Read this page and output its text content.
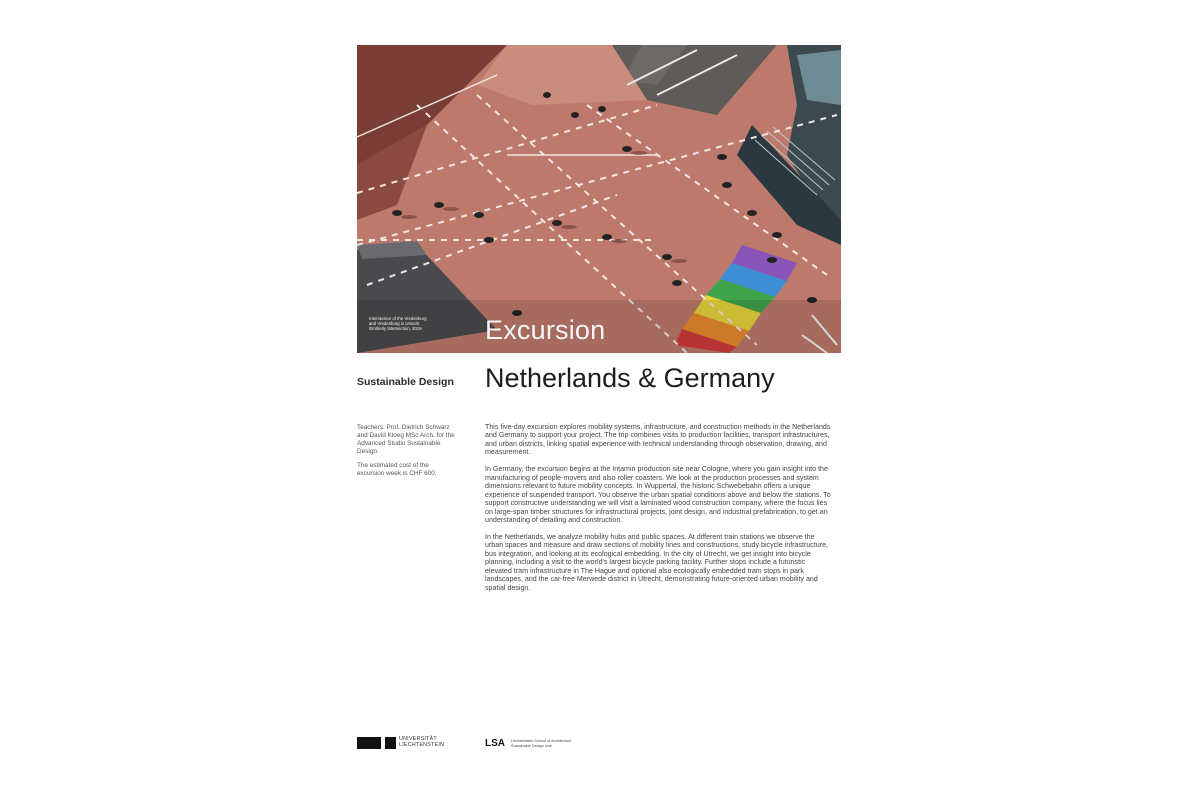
Intersection of the Vredenburg
and Vredenburg in Utrecht
Brotherly Intersection, 2019	Excursion
Sustainable Design Netherlands & Germany

Teachers: Prof. Dietrich Schwarz and David Kloeg MSc Arch. for the Advanced Studio Sustainable Design.

The estimated cost of the excursion week is CHF 600.

This five-day excursion explores mobility systems, infrastructure, and construction methods in the Netherlands and Germany to support your project. The trip combines visits to production facilities, transport infrastructures, and urban districts, linking spatial experience with technical understanding through observation, drawing, and measurement.

In Germany, the excursion begins at the Intamin production site near Cologne, where you gain insight into the manufacturing of people-movers and also roller coasters. We look at the production processes and system dimensions relevant to future mobility concepts. In Wuppertal, the historic Schwebebahn offers a unique experience of suspended transport. You observe the urban spatial conditions above and below the stations. To support constructive understanding we will visit a laminated wood construction company, where the focus lies on large-span timber structures for infrastructural projects, joint design, and industrial prefabrication, to get an understanding of detailing and construction.

In the Netherlands, we analyze mobility hubs and public spaces. At different train stations we observe the urban spaces and measure and draw sections of mobility lines and constructions, study bicycle infrastructure, bus integration, and looking at its ecological embedding. In the city of Utrecht, we get insight into bicycle planning, including a visit to the world's largest bicycle parking facility. Further stops include a futuristic elevated tram infrastructure in The Hague and optional also ecologically embedded tram stops in park landscapes, and the car-free Merwede district in Utrecht, demonstrating future-oriented urban mobility and spatial design.

UNIVERSITÄT
LIECHTENSTEIN	LSA Liechtenstein School of Architecture
Sustainable Design Unit
